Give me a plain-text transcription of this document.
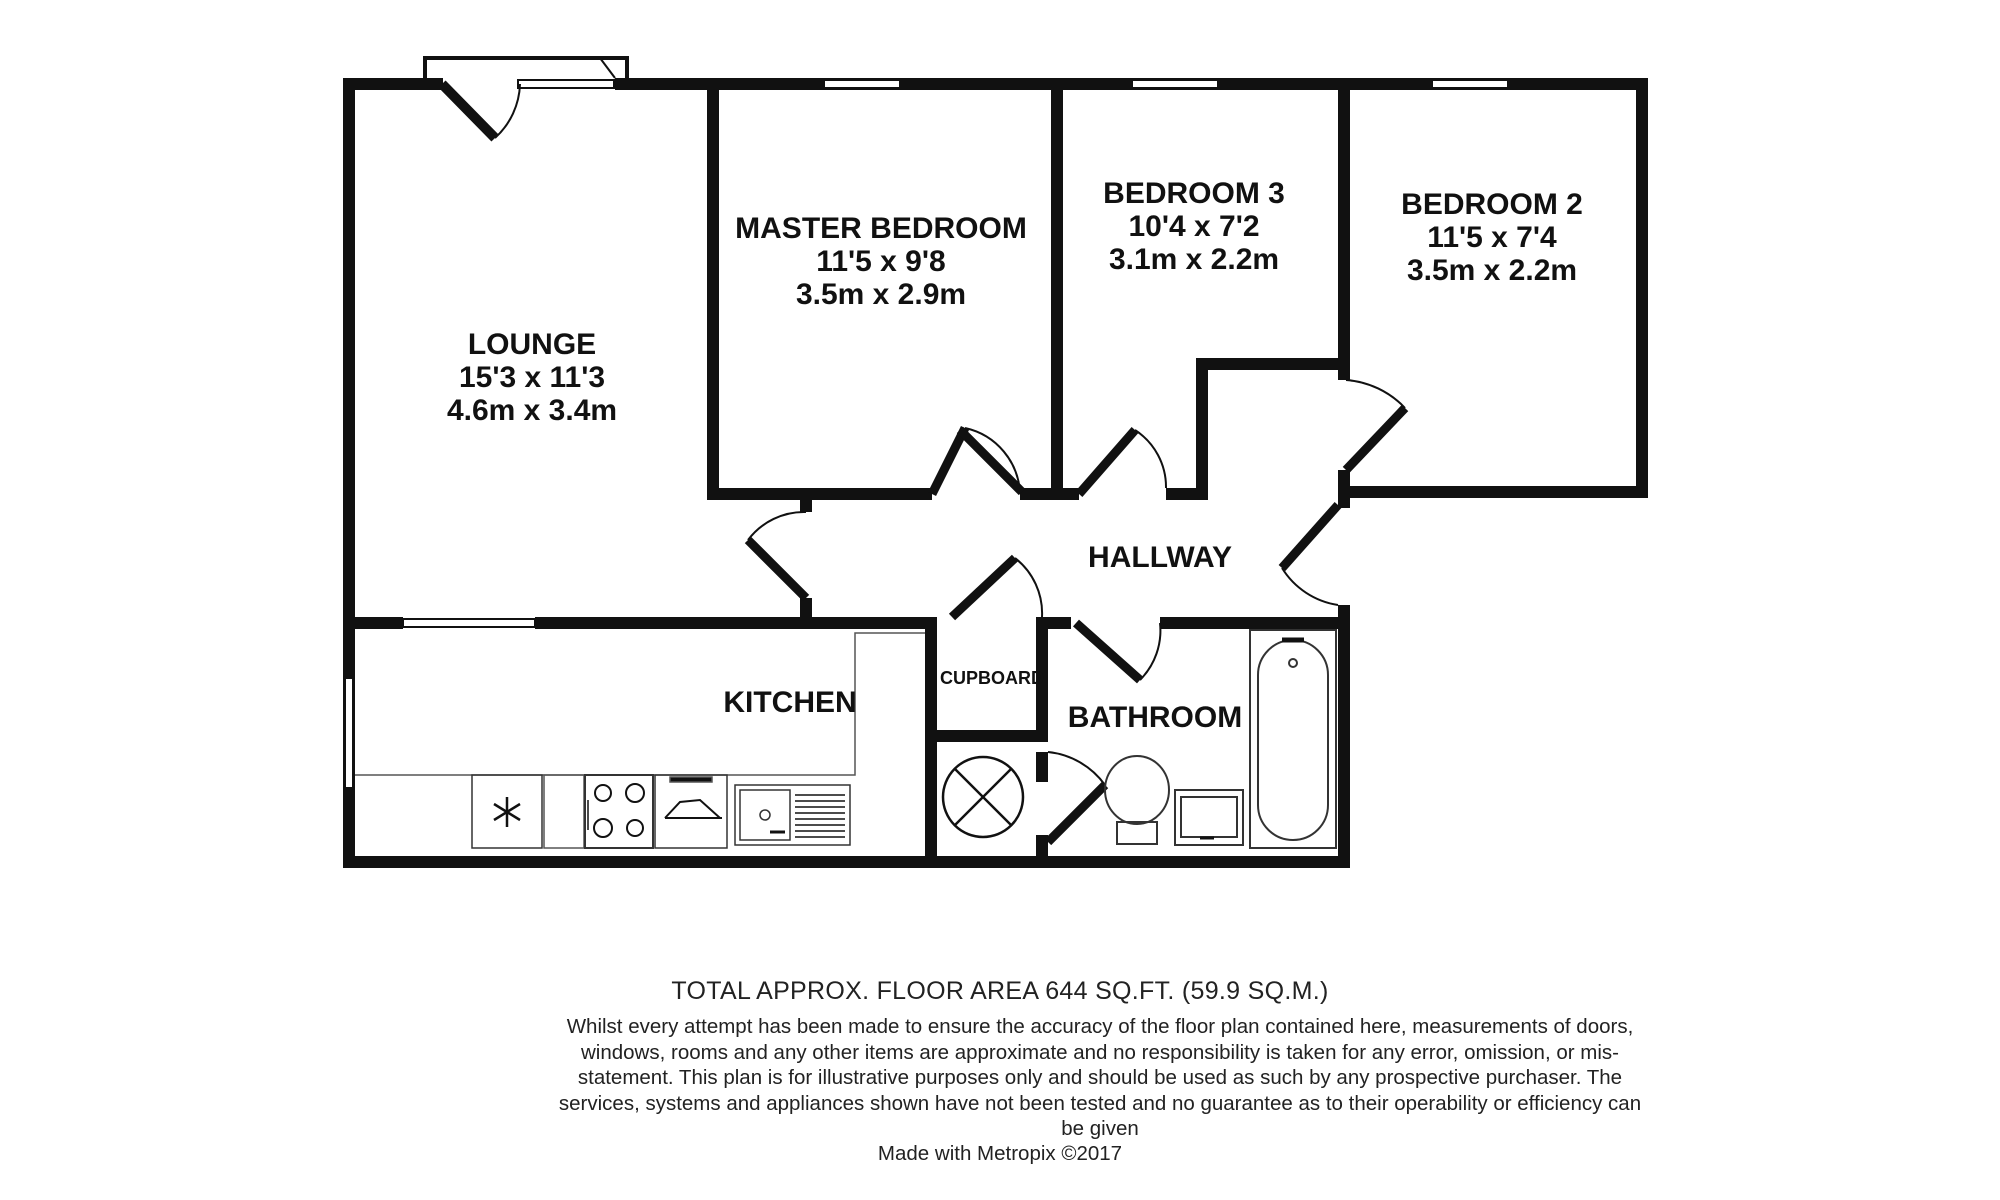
LOUNGE
15'3 x 11'3
4.6m x 3.4m
MASTER BEDROOM
11'5 x 9'8
3.5m x 2.9m
BEDROOM 3
10'4 x 7'2
3.1m x 2.2m
BEDROOM 2
11'5 x 7'4
3.5m x 2.2m
HALLWAY
KITCHEN
CUPBOARD
BATHROOM
TOTAL APPROX. FLOOR AREA 644 SQ.FT. (59.9 SQ.M.)
Whilst every attempt has been made to ensure the accuracy of the floor plan contained here, measurements of doors, windows, rooms and any other items are approximate and no responsibility is taken for any error, omission, or mis-statement. This plan is for illustrative purposes only and should be used as such by any prospective purchaser. The services, systems and appliances shown have not been tested and no guarantee as to their operability or efficiency can be given
Made with Metropix ©2017
